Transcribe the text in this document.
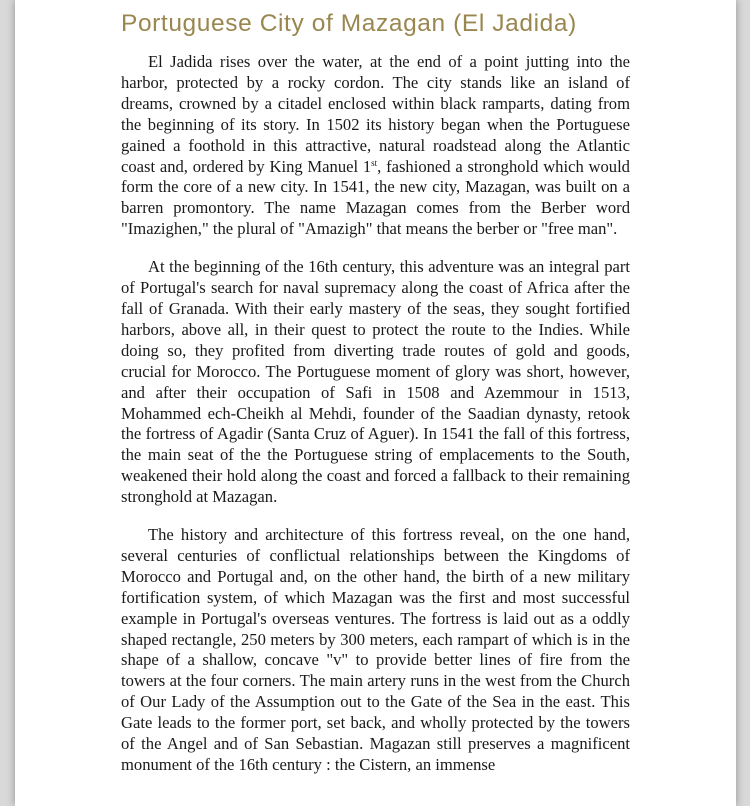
Portuguese City of Mazagan (El Jadida)

El Jadida rises over the water, at the end of a point jutting into the harbor, protected by a rocky cordon. The city stands like an island of dreams, crowned by a citadel enclosed within black ramparts, dating from the beginning of its story. In 1502 its history began when the Portuguese gained a foothold in this attractive, natural roadstead along the Atlantic coast and, ordered by King Manuel 1st, fashioned a stronghold which would form the core of a new city. In 1541, the new city, Mazagan, was built on a barren promontory. The name Mazagan comes from the Berber word "Imazighen," the plural of "Amazigh" that means the berber or "free man".

At the beginning of the 16th century, this adventure was an integral part of Portugal's search for naval supremacy along the coast of Africa after the fall of Granada. With their early mastery of the seas, they sought fortified harbors, above all, in their quest to protect the route to the Indies. While doing so, they profited from diverting trade routes of gold and goods, crucial for Morocco. The Portuguese moment of glory was short, however, and after their occupation of Safi in 1508 and Azemmour in 1513, Mohammed ech-Cheikh al Mehdi, founder of the Saadian dynasty, retook the fortress of Agadir (Santa Cruz of Aguer). In 1541 the fall of this fortress, the main seat of the the Portuguese string of emplacements to the South, weakened their hold along the coast and forced a fallback to their remaining stronghold at Mazagan.

The history and architecture of this fortress reveal, on the one hand, several centuries of conflictual relationships between the Kingdoms of Morocco and Portugal and, on the other hand, the birth of a new military fortification system, of which Mazagan was the first and most successful example in Portugal's overseas ventures. The fortress is laid out as a oddly shaped rectangle, 250 meters by 300 meters, each rampart of which is in the shape of a shallow, concave "v" to provide better lines of fire from the towers at the four corners. The main artery runs in the west from the Church of Our Lady of the Assumption out to the Gate of the Sea in the east. This Gate leads to the former port, set back, and wholly protected by the towers of the Angel and of San Sebastian. Magazan still preserves a magnificent monument of the 16th century : the Cistern, an immense
